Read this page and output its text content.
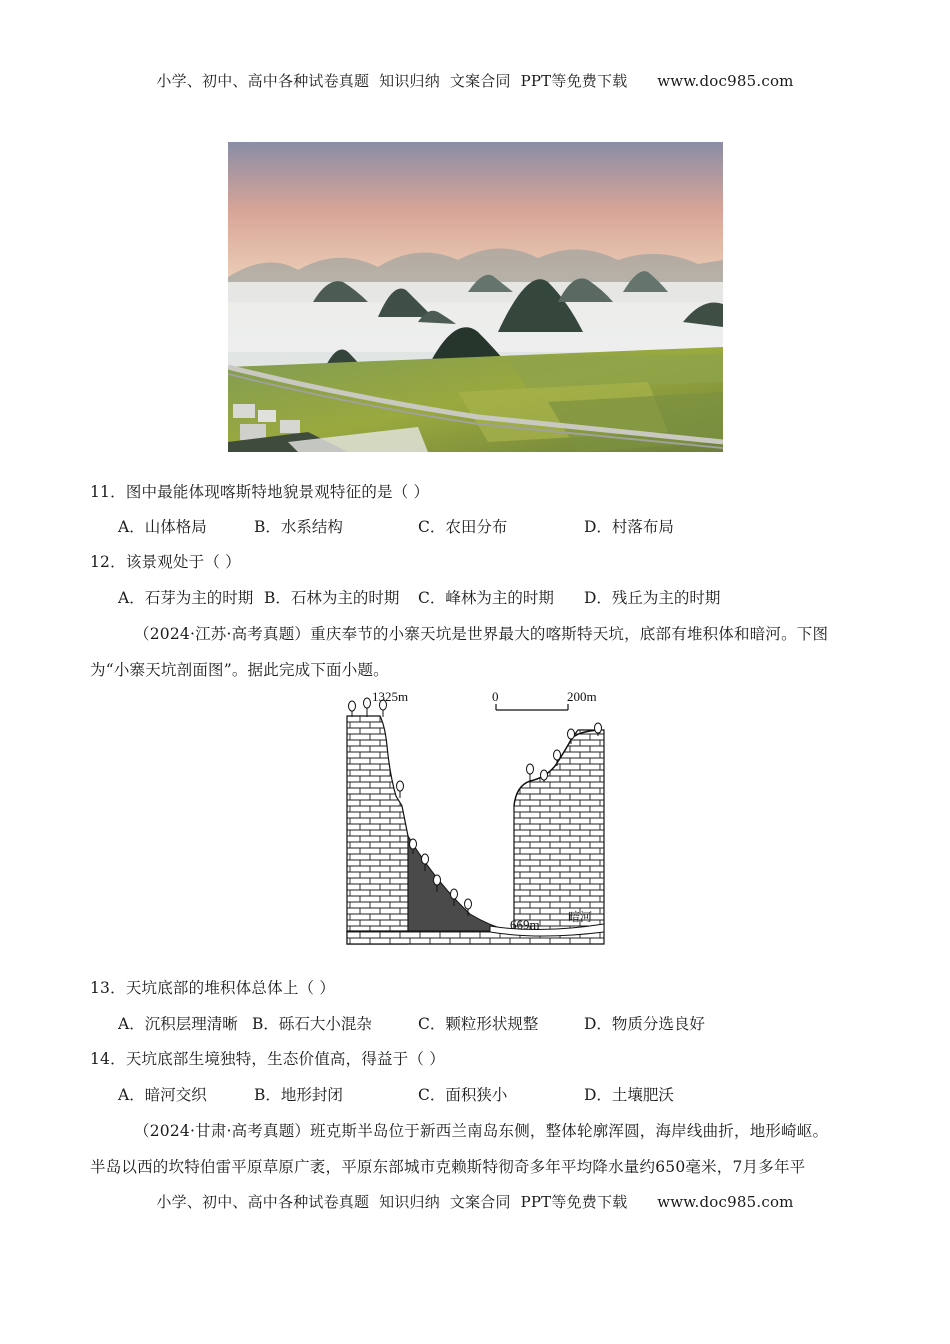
小学、初中、高中各种试卷真题  知识归纳  文案合同  PPT等免费下载      www.doc985.com
11．图中最能体现喀斯特地貌景观特征的是（ ）
A．山体格局	B．水系结构	C．农田分布	D．村落布局
12．该景观处于（ ）
A．石芽为主的时期 B．石林为主的时期 C．峰林为主的时期 D．残丘为主的时期
（2024·江苏·高考真题）重庆奉节的小寨天坑是世界最大的喀斯特天坑，底部有堆积体和暗河。下图
为“小寨天坑剖面图”。据此完成下面小题。
0	200m
1325m
669m 暗河
13．天坑底部的堆积体总体上（ ）
A．沉积层理清晰 B．砾石大小混杂	C．颗粒形状规整	D．物质分选良好
14．天坑底部生境独特，生态价值高，得益于（ ）
A．暗河交织	B．地形封闭	C．面积狭小	D．土壤肥沃
（2024·甘肃·高考真题）班克斯半岛位于新西兰南岛东侧，整体轮廓浑圆，海岸线曲折，地形崎岖。
半岛以西的坎特伯雷平原草原广袤，平原东部城市克赖斯特彻奇多年平均降水量约650毫米，7月多年平
小学、初中、高中各种试卷真题  知识归纳  文案合同  PPT等免费下载      www.doc985.com
